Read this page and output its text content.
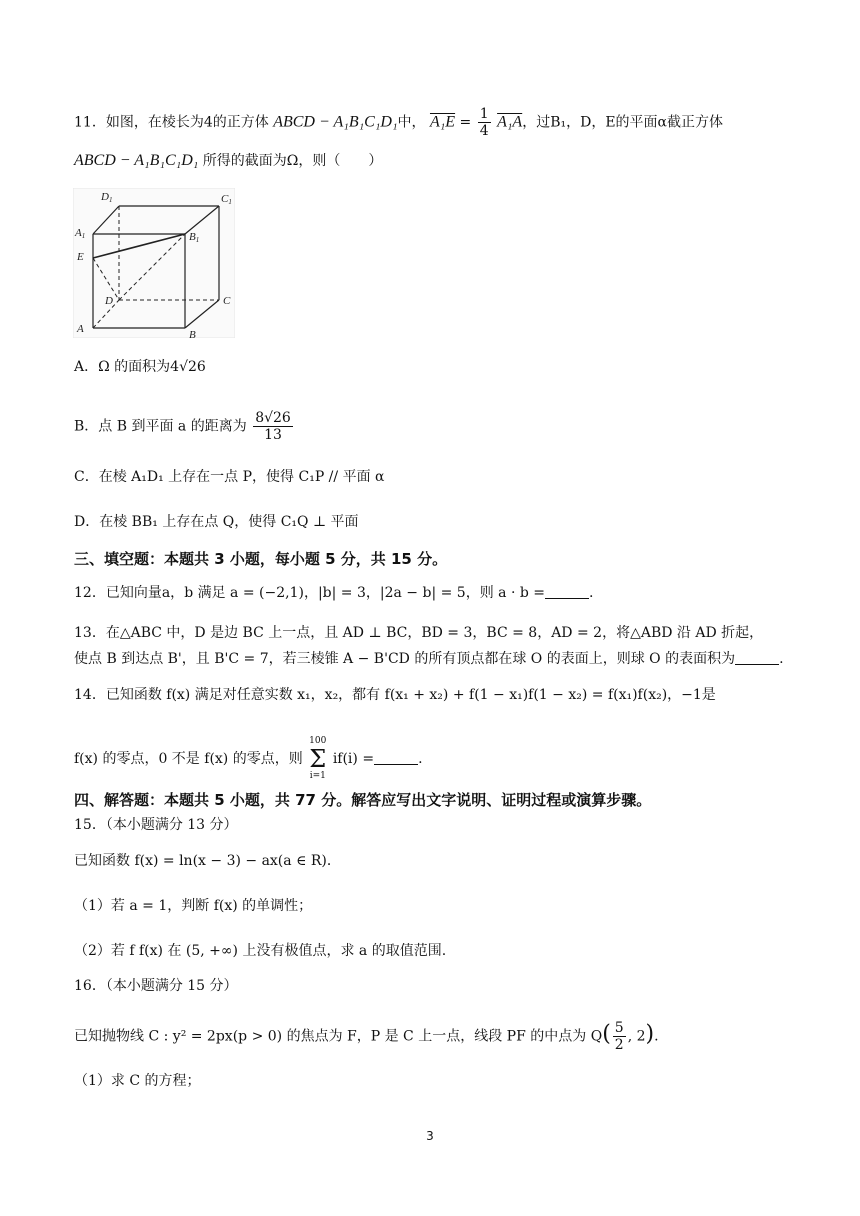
11．如图，在棱长为4的正方体 ABCD − A₁B₁C₁D₁中， $A_1E = \frac{1}{4} A_1A$，过B₁，D，E的平面α截正方体
ABCD − A₁B₁C₁D₁ 所得的截面为Ω，则（　　）
D1	C1
A1	B1
E
D	C
A	B
A．Ω 的面积为4√26
B．点 B 到平面 a 的距离为 $\frac{8√26}{13}$
C．在棱 A₁D₁ 上存在一点 P，使得 C₁P // 平面 α
D．在棱 BB₁ 上存在点 Q，使得 C₁Q ⊥ 平面
三、填空题：本题共 3 小题，每小题 5 分，共 15 分。
12．已知向量a，b 满足 a = (−2,1)，|b| = 3，|2a − b| = 5，则 a · b =	.
13．在△ABC 中，D 是边 BC 上一点，且 AD ⊥ BC，BD = 3，BC = 8，AD = 2，将△ABD 沿 AD 折起，
使点 B 到达点 B'，且 B'C = 7，若三棱锥 A − B'CD 的所有顶点都在球 O 的表面上，则球 O 的表面积为	.
14．已知函数 f(x) 满足对任意实数 x₁，x₂，都有 f(x₁ + x₂) + f(1 − x₁)f(1 − x₂) = f(x₁)f(x₂)，−1是
f(x) 的零点，0 不是 f(x) 的零点，则
100
Σ
i=1
if(i) =	.
四、解答题：本题共 5 小题，共 77 分。解答应写出文字说明、证明过程或演算步骤。
15．（本小题满分 13 分）
已知函数 f(x) = ln(x − 3) − ax(a ∈ R)．
（1）若 a = 1，判断 f(x) 的单调性；
（2）若 f f(x) 在 (5, +∞) 上没有极值点，求 a 的取值范围.
16．（本小题满分 15 分）
已知抛物线 C : y² = 2px(p > 0) 的焦点为 F，P 是 C 上一点，线段 PF 的中点为 $Q( \frac{5}{2}$ , 2).
（1）求 C 的方程；
3
